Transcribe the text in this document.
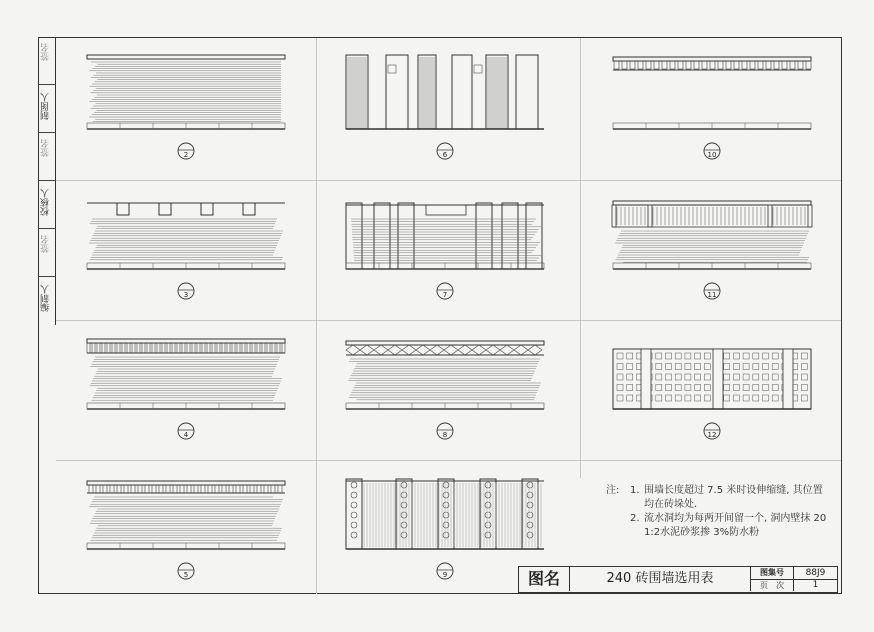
签名
制图人
签名
校核人
签名
编制人
2
3
4
5
6
7
8
9
10
11
12
注:	1. 围墙长度超过 7.5 米时设伸缩缝, 其位置均在砖垛处.
2. 流水洞均为每两开间留一个, 洞内壁抹 20 1:2水泥砂浆掺 3%防水粉
图名	240 砖围墙选用表	图集号	88J9
页　次	1
